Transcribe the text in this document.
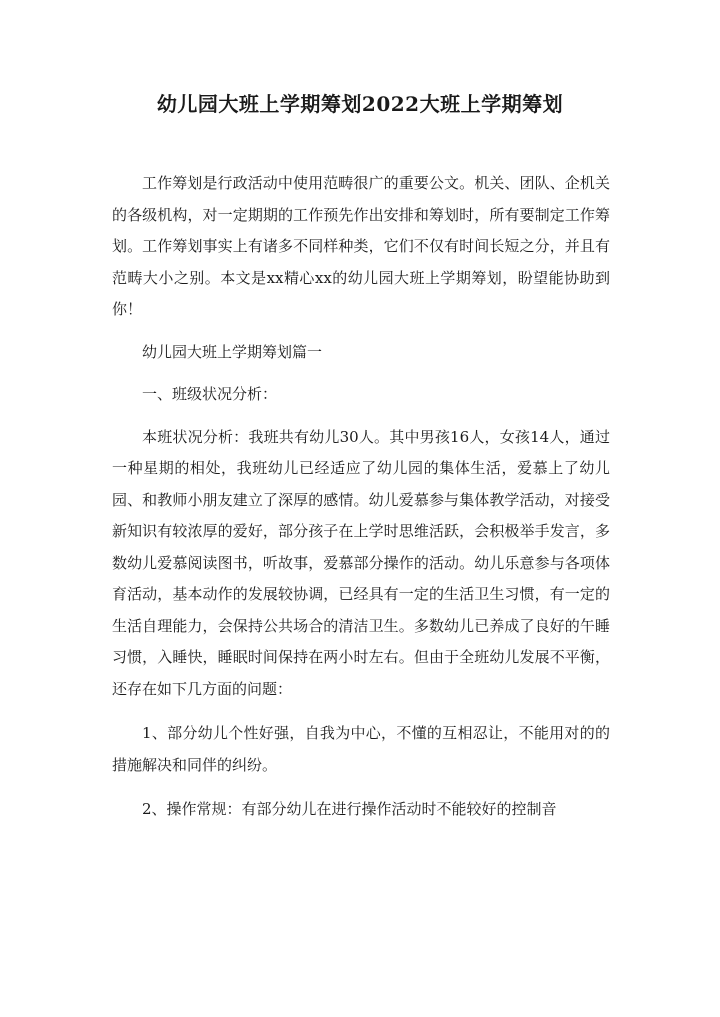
幼儿园大班上学期筹划2022大班上学期筹划

工作筹划是行政活动中使用范畴很广的重要公文。机关、团队、企机关的各级机构，对一定期期的工作预先作出安排和筹划时，所有要制定工作筹划。工作筹划事实上有诸多不同样种类，它们不仅有时间长短之分，并且有范畴大小之别。本文是xx精心xx的幼儿园大班上学期筹划，盼望能协助到你！

幼儿园大班上学期筹划篇一

一、班级状况分析：

本班状况分析：我班共有幼儿30人。其中男孩16人，女孩14人，通过一种星期的相处，我班幼儿已经适应了幼儿园的集体生活，爱慕上了幼儿园、和教师小朋友建立了深厚的感情。幼儿爱慕参与集体教学活动，对接受新知识有较浓厚的爱好，部分孩子在上学时思维活跃，会积极举手发言，多数幼儿爱慕阅读图书，听故事，爱慕部分操作的活动。幼儿乐意参与各项体育活动，基本动作的发展较协调，已经具有一定的生活卫生习惯，有一定的生活自理能力，会保持公共场合的清洁卫生。多数幼儿已养成了良好的午睡习惯，入睡快，睡眠时间保持在两小时左右。但由于全班幼儿发展不平衡，还存在如下几方面的问题：

1、部分幼儿个性好强，自我为中心，不懂的互相忍让，不能用对的的措施解决和同伴的纠纷。

2、操作常规：有部分幼儿在进行操作活动时不能较好的控制音
